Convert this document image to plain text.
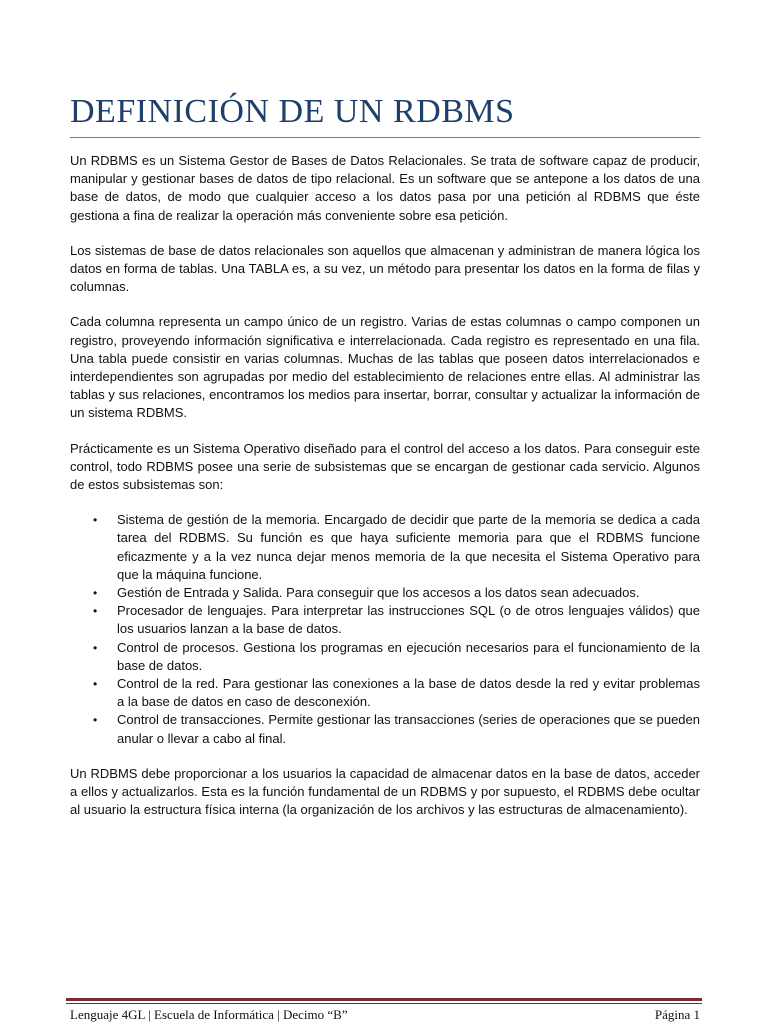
DEFINICIÓN DE UN RDBMS

Un RDBMS es un Sistema Gestor de Bases de Datos Relacionales. Se trata de software capaz de producir, manipular y gestionar bases de datos de tipo relacional. Es un software que se antepone a los datos de una base de datos, de modo que cualquier acceso a los datos pasa por una petición al RDBMS que éste gestiona a fina de realizar la operación más conveniente sobre esa petición.

Los sistemas de base de datos relacionales son aquellos que almacenan y administran de manera lógica los datos en forma de tablas. Una TABLA es, a su vez, un método para presentar los datos en la forma de filas y columnas.

Cada columna representa un campo único de un registro. Varias de estas columnas o campo componen un registro, proveyendo información significativa e interrelacionada. Cada registro es representado en una fila. Una tabla puede consistir en varias columnas. Muchas de las tablas que poseen datos interrelacionados e interdependientes son agrupadas por medio del establecimiento de relaciones entre ellas. Al administrar las tablas y sus relaciones, encontramos los medios para insertar, borrar, consultar y actualizar la información de un sistema RDBMS.

Prácticamente es un Sistema Operativo diseñado para el control del acceso a los datos. Para conseguir este control, todo RDBMS posee una serie de subsistemas que se encargan de gestionar cada servicio. Algunos de estos subsistemas son:

• Sistema de gestión de la memoria. Encargado de decidir que parte de la memoria se dedica a cada tarea del RDBMS. Su función es que haya suficiente memoria para que el RDBMS funcione eficazmente y a la vez nunca dejar menos memoria de la que necesita el Sistema Operativo para que la máquina funcione.
• Gestión de Entrada y Salida. Para conseguir que los accesos a los datos sean adecuados.
• Procesador de lenguajes. Para interpretar las instrucciones SQL (o de otros lenguajes válidos) que los usuarios lanzan a la base de datos.
• Control de procesos. Gestiona los programas en ejecución necesarios para el funcionamiento de la base de datos.
• Control de la red. Para gestionar las conexiones a la base de datos desde la red y evitar problemas a la base de datos en caso de desconexión.
• Control de transacciones. Permite gestionar las transacciones (series de operaciones que se pueden anular o llevar a cabo al final.

Un RDBMS debe proporcionar a los usuarios la capacidad de almacenar datos en la base de datos, acceder a ellos y actualizarlos. Esta es la función fundamental de un RDBMS y por supuesto, el RDBMS debe ocultar al usuario la estructura física interna (la organización de los archivos y las estructuras de almacenamiento).

Lenguaje 4GL | Escuela de Informática | Decimo “B”	Página 1
